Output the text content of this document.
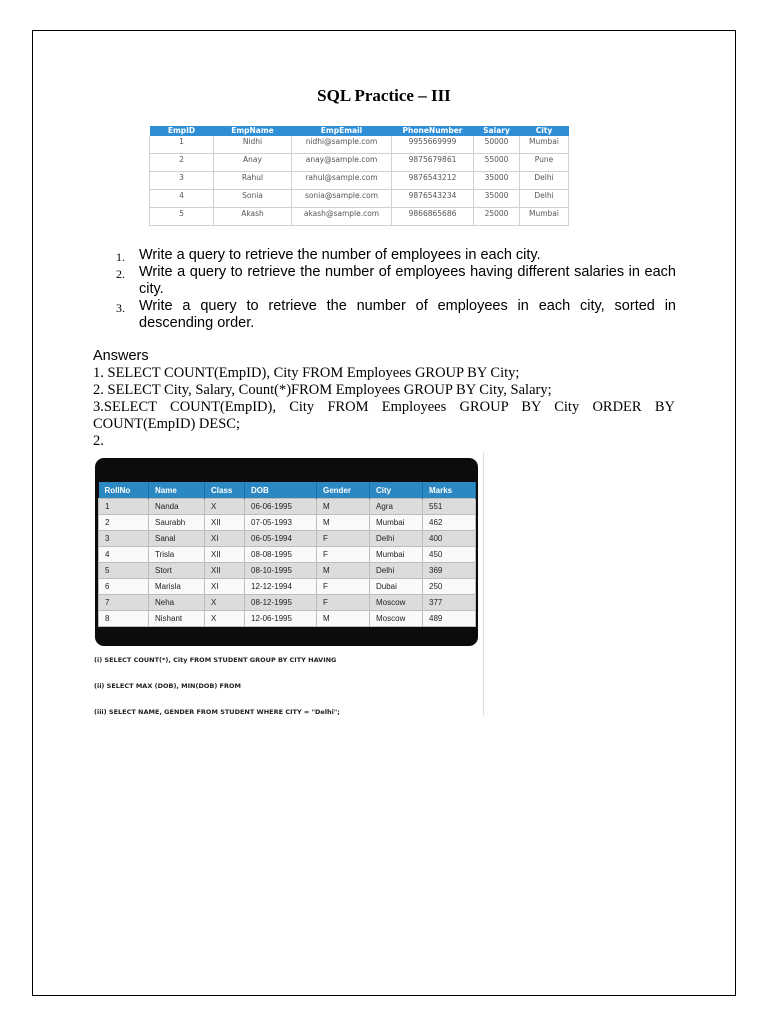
SQL Practice – III
EmpID	EmpName	EmpEmail	PhoneNumber	Salary	City
1	Nidhi	nidhi@sample.com	9955669999	50000	Mumbai
2	Anay	anay@sample.com	9875679861	55000	Pune
3	Rahul	rahul@sample.com	9876543212	35000	Delhi
4	Sonia	sonia@sample.com	9876543234	35000	Delhi
5	Akash	akash@sample.com	9866865686	25000	Mumbai
1. Write a query to retrieve the number of employees in each city.
2. Write a query to retrieve the number of employees having different salaries in each city.
3. Write a query to retrieve the number of employees in each city, sorted in descending order.
Answers

1. SELECT COUNT(EmpID), City FROM Employees GROUP BY City;

2. SELECT City, Salary, Count(*)FROM Employees GROUP BY City, Salary;

3.SELECT COUNT(EmpID), City FROM Employees GROUP BY City ORDER BY

COUNT(EmpID) DESC;

2.

RollNo	Name	Class	DOB	Gender	City	Marks
1	Nanda	X	06-06-1995	M	Agra	551
2	Saurabh	XII	07-05-1993	M	Mumbai	462
3	Sanal	XI	06-05-1994	F	Delhi	400
4	Trisla	XII	08-08-1995	F	Mumbai	450
5	Stort	XII	08-10-1995	M	Delhi	369
6	Marisla	XI	12-12-1994	F	Dubai	250
7	Neha	X	08-12-1995	F	Moscow	377
8	Nishant	X	12-06-1995	M	Moscow	489
(i) SELECT COUNT(*), City FROM STUDENT GROUP BY CITY HAVING
(ii) SELECT MAX (DOB), MIN(DOB) FROM
(iii) SELECT NAME, GENDER FROM STUDENT WHERE CITY = "Delhi";
